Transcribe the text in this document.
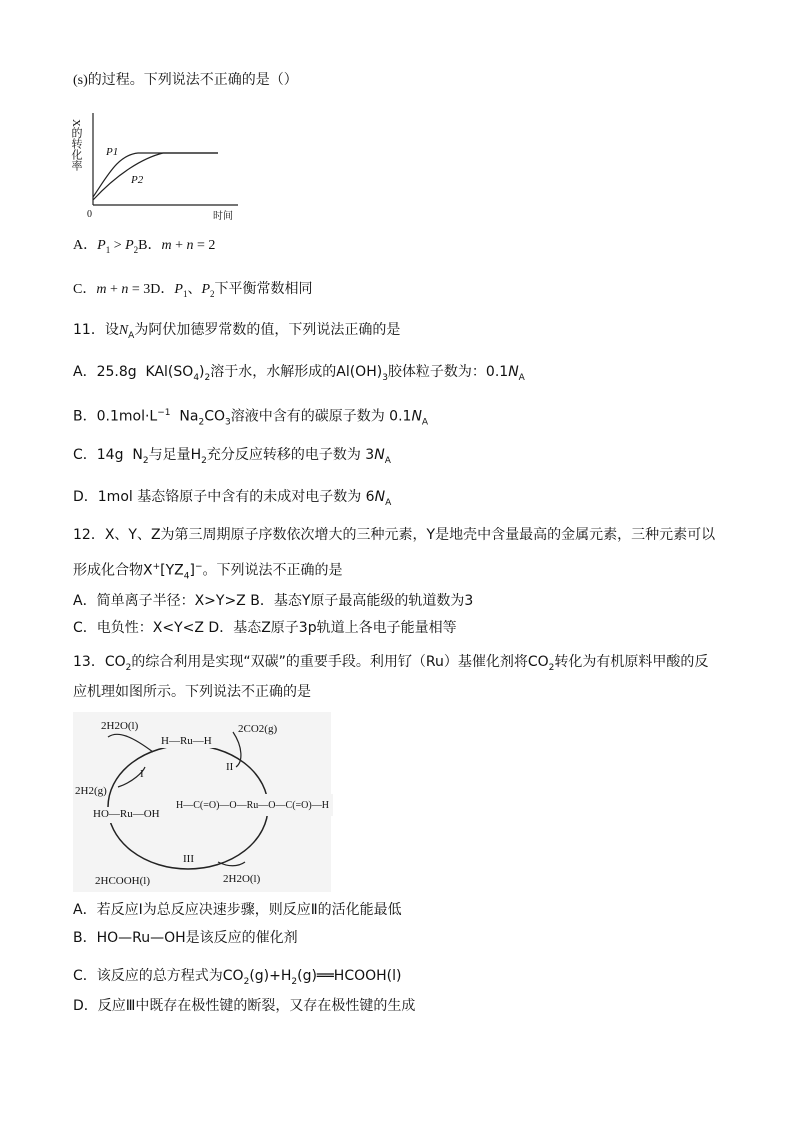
(s)的过程。下列说法不正确的是（）
X的转化率 P1
P2
0	时间
A．$P_1 > P_2B$．m + n = 2
C．m + n = 3D．$P_1$、$P_2$下平衡常数相同
11．设$N_A$为阿伏加德罗常数的值，下列说法正确的是
A．25.8g  $KAl(SO_4)_2$溶于水，水解形成的$Al(OH)_3$胶体粒子数为：$0.1N_A$
B．$0.1mol\cdot L^{-1}$  $Na_2CO_3$溶液中含有的碳原子数为 $0.1N_A$
C．14g  $N_2$与足量$H_2$充分反应转移的电子数为 $3N_A$
D．1mol 基态铬原子中含有的未成对电子数为 $6N_A$
12．X、Y、Z为第三周期原子序数依次增大的三种元素，Y是地壳中含量最高的金属元素，三种元素可以
形成化合物$X^+[YZ_4]^-$。下列说法不正确的是
A．简单离子半径：X>Y>Z B．基态Y原子最高能级的轨道数为3
C．电负性：X<Y<Z D．基态Z原子3p轨道上各电子能量相等
13．$CO_2$的综合利用是实现“双碳”的重要手段。利用钌（Ru）基催化剂将$CO_2$转化为有机原料甲酸的反
应机理如图所示。下列说法不正确的是
2H2O(l)
H—Ru—H
2CO2(g)
I
II
2H2(g)
HO—Ru—OH
H—C(=O)—O—Ru—O—C(=O)—H
III
2HCOOH(l)	2H2O(l)
A．若反应Ⅰ为总反应决速步骤，则反应Ⅱ的活化能最低
B．HO—Ru—OH是该反应的催化剂
C．该反应的总方程式为$CO_2(g)+H_2(g)══HCOOH(l)$
D．反应Ⅲ中既存在极性键的断裂，又存在极性键的生成
